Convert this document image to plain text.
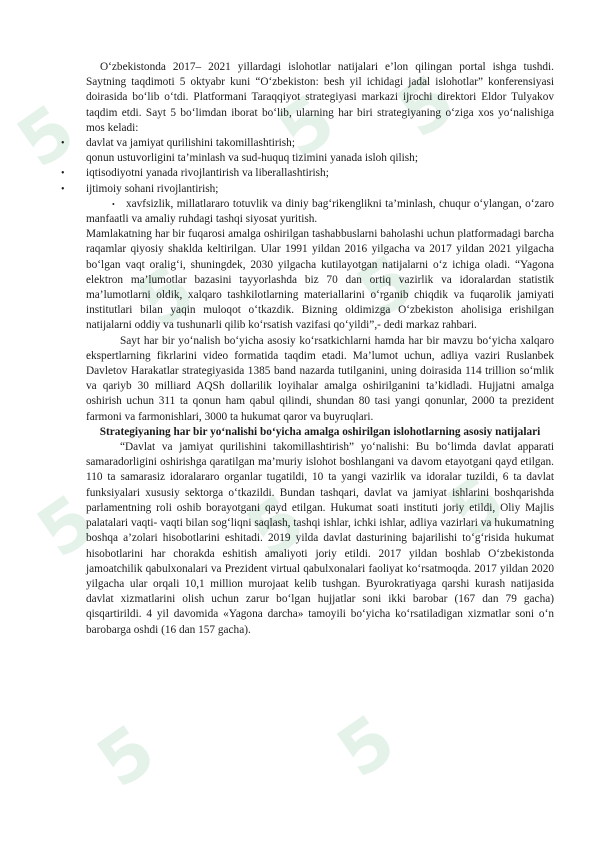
5 5 5
5 5
5 5 5
5 5

O‘zbekistonda 2017– 2021 yillardagi islohotlar natijalari e’lon qilingan portal ishga tushdi. Saytning taqdimoti 5 oktyabr kuni “O‘zbekiston: besh yil ichidagi jadal islohotlar” konferensiyasi doirasida bo‘lib o‘tdi. Platformani Taraqqiyot strategiyasi markazi ijrochi direktori Eldor Tulyakov taqdim etdi. Sayt 5 bo‘limdan iborat bo‘lib, ularning har biri strategiyaning o‘ziga xos yo‘nalishiga mos keladi:

• davlat va jamiyat qurilishini takomillashtirish;
qonun ustuvorligini ta’minlash va sud-huquq tizimini yanada isloh qilish;
• iqtisodiyotni yanada rivojlantirish va liberallashtirish;
• ijtimoiy sohani rivojlantirish;

• xavfsizlik, millatlararo totuvlik va diniy bag‘rikenglikni ta’minlash, chuqur o‘ylangan, o‘zaro manfaatli va amaliy ruhdagi tashqi siyosat yuritish.

Mamlakatning har bir fuqarosi amalga oshirilgan tashabbuslarni baholashi uchun platformadagi barcha raqamlar qiyosiy shaklda keltirilgan. Ular 1991 yildan 2016 yilgacha va 2017 yildan 2021 yilgacha bo‘lgan vaqt oralig‘i, shuningdek, 2030 yilgacha kutilayotgan natijalarni o‘z ichiga oladi. “Yagona elektron ma’lumotlar bazasini tayyorlashda biz 70 dan ortiq vazirlik va idoralardan statistik ma’lumotlarni oldik, xalqaro tashkilotlarning materiallarini o‘rganib chiqdik va fuqarolik jamiyati institutlari bilan yaqin muloqot o‘tkazdik. Bizning oldimizga O‘zbekiston aholisiga erishilgan natijalarni oddiy va tushunarli qilib ko‘rsatish vazifasi qo‘yildi”,- dedi markaz rahbari.

Sayt har bir yo‘nalish bo‘yicha asosiy ko‘rsatkichlarni hamda har bir mavzu bo‘yicha xalqaro ekspertlarning fikrlarini video formatida taqdim etadi. Ma’lumot uchun, adliya vaziri Ruslanbek Davletov Harakatlar strategiyasida 1385 band nazarda tutilganini, uning doirasida 114 trillion so‘mlik va qariyb 30 milliard AQSh dollarilik loyihalar amalga oshirilganini ta’kidladi. Hujjatni amalga oshirish uchun 311 ta qonun ham qabul qilindi, shundan 80 tasi yangi qonunlar, 2000 ta prezident farmoni va farmonishlari, 3000 ta hukumat qaror va buyruqlari.

Strategiyaning har bir yo‘nalishi bo‘yicha amalga oshirilgan islohotlarning asosiy natijalari

“Davlat va jamiyat qurilishini takomillashtirish” yo‘nalishi: Bu bo‘limda davlat apparati samaradorligini oshirishga qaratilgan ma’muriy islohot boshlangani va davom etayotgani qayd etilgan. 110 ta samarasiz idoralararo organlar tugatildi, 10 ta yangi vazirlik va idoralar tuzildi, 6 ta davlat funksiyalari xususiy sektorga o‘tkazildi. Bundan tashqari, davlat va jamiyat ishlarini boshqarishda parlamentning roli oshib borayotgani qayd etilgan. Hukumat soati instituti joriy etildi, Oliy Majlis palatalari vaqti- vaqti bilan sog‘liqni saqlash, tashqi ishlar, ichki ishlar, adliya vazirlari va hukumatning boshqa a’zolari hisobotlarini eshitadi. 2019 yilda davlat dasturining bajarilishi to‘g‘risida hukumat hisobotlarini har chorakda eshitish amaliyoti joriy etildi. 2017 yildan boshlab O‘zbekistonda jamoatchilik qabulxonalari va Prezident virtual qabulxonalari faoliyat ko‘rsatmoqda. 2017 yildan 2020 yilgacha ular orqali 10,1 million murojaat kelib tushgan. Byurokratiyaga qarshi kurash natijasida davlat xizmatlarini olish uchun zarur bo‘lgan hujjatlar soni ikki barobar (167 dan 79 gacha) qisqartirildi. 4 yil davomida «Yagona darcha» tamoyili bo‘yicha ko‘rsatiladigan xizmatlar soni o‘n barobarga oshdi (16 dan 157 gacha).
